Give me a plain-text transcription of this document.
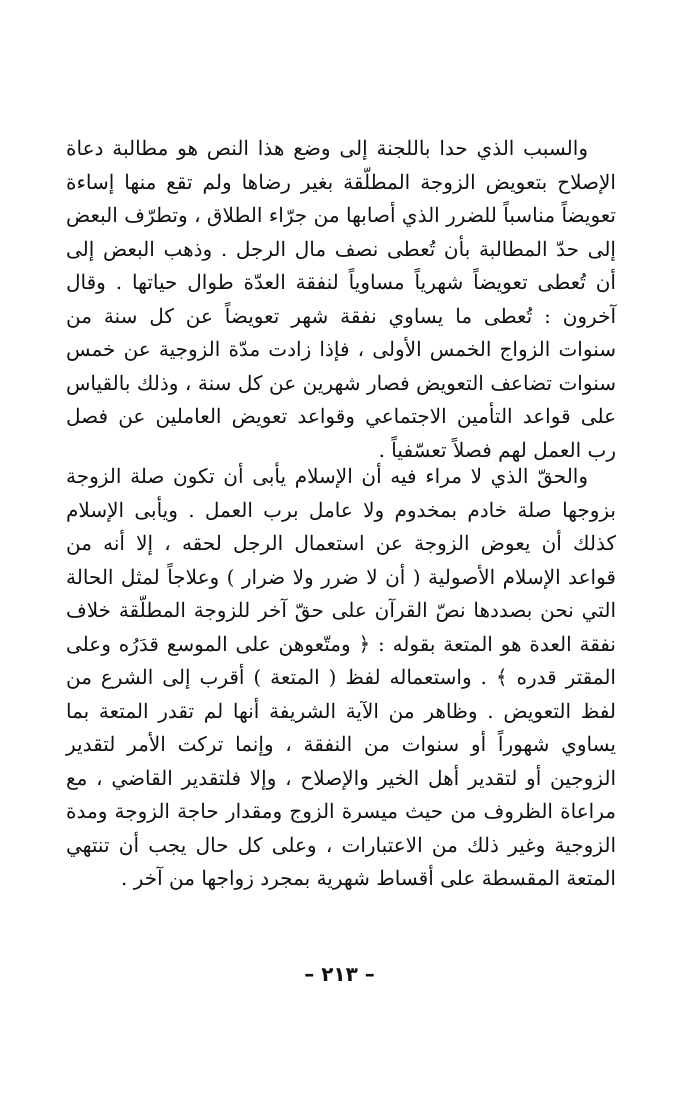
والسبب الذي حدا باللجنة إلى وضع هذا النص هو مطالبة دعاة الإصلاح بتعويض الزوجة المطلّقة بغير رضاها ولم تقع منها إساءة تعويضاً مناسباً للضرر الذي أصابها من جرّاء الطلاق ، وتطرّف البعض إلى حدّ المطالبة بأن تُعطى نصف مال الرجل . وذهب البعض إلى أن تُعطى تعويضاً شهرياً مساوياً لنفقة العدّة طوال حياتها . وقال آخرون : تُعطى ما يساوي نفقة شهر تعويضاً عن كل سنة من سنوات الزواج الخمس الأولى ، فإذا زادت مدّة الزوجية عن خمس سنوات تضاعف التعويض فصار شهرين عن كل سنة ، وذلك بالقياس على قواعد التأمين الاجتماعي وقواعد تعويض العاملين عن فصل رب العمل لهم فصلاً تعسّفياً .

والحقّ الذي لا مراء فيه أن الإسلام يأبى أن تكون صلة الزوجة بزوجها صلة خادم بمخدوم ولا عامل برب العمل . ويأبى الإسلام كذلك أن يعوض الزوجة عن استعمال الرجل لحقه ، إلا أنه من قواعد الإسلام الأصولية ( أن لا ضرر ولا ضرار ) وعلاجاً لمثل الحالة التي نحن بصددها نصّ القرآن على حقّ آخر للزوجة المطلّقة خلاف نفقة العدة هو المتعة بقوله : ﴿ ومتّعوهن على الموسع قدَرُه وعلى المقتر قدره ﴾ . واستعماله لفظ ( المتعة ) أقرب إلى الشرع من لفظ التعويض . وظاهر من الآية الشريفة أنها لم تقدر المتعة بما يساوي شهوراً أو سنوات من النفقة ، وإنما تركت الأمر لتقدير الزوجين أو لتقدير أهل الخير والإصلاح ، وإلا فلتقدير القاضي ، مع مراعاة الظروف من حيث ميسرة الزوج ومقدار حاجة الزوجة ومدة الزوجية وغير ذلك من الاعتبارات ، وعلى كل حال يجب أن تنتهي المتعة المقسطة على أقساط شهرية بمجرد زواجها من آخر .

– ٢١٣ –
